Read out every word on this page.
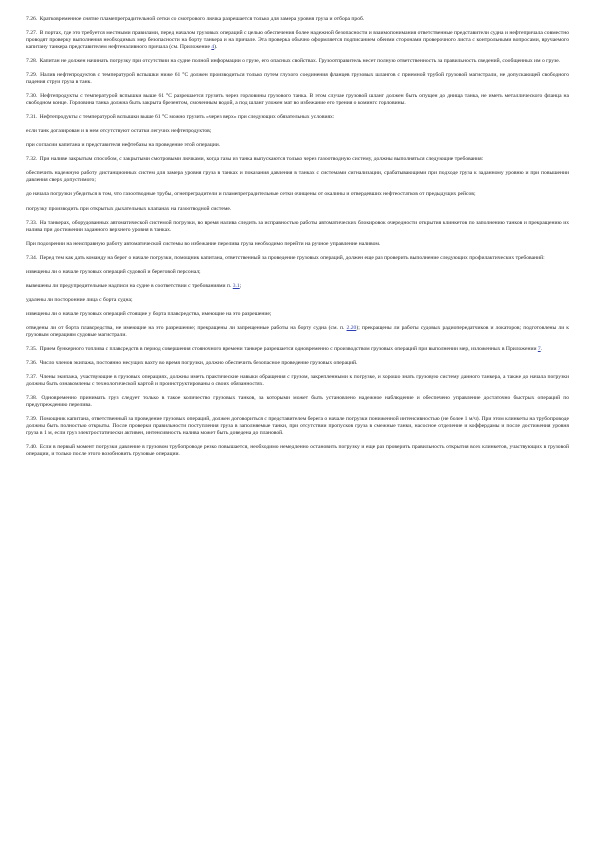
7.26. Кратковременное снятие пламепреградительной сетки со смотрового лючка разрешается только для замера уровня груза и отбора проб.

7.27. В портах, где это требуется местными правилами, перед началом грузовых операций с целью обеспечения более надежной безопасности и взаимопонимания ответственные представители судна и нефтепричала совместно проводят проверку выполнения необходимых мер безопасности на борту танкера и на причале. Эта проверка обычно оформляется подписанием обеими сторонами проверочного листа с контрольными вопросами, вручаемого капитану танкера представителем нефтеналивного причала (см. Приложение 4).

7.28. Капитан не должен начинать погрузку при отсутствии на судне полной информации о грузе, его опасных свойствах. Грузоотправитель несет полную ответственность за правильность сведений, сообщенных им о грузе.

7.29. Налив нефтепродуктов с температурой вспышки ниже 61 °С должен производиться только путем глухого соединения фланцев грузовых шлангов с приемной трубой грузовой магистрали, не допускающей свободного падения струи груза в танк.

7.30. Нефтепродукты с температурой вспышки выше 61 °С разрешается грузить через горловины грузового танка. В этом случае грузовой шланг должен быть опущен до днища танка, не иметь металлического фланца на свободном конце. Горловина танка должна быть закрыта брезентом, смоченным водой, а под шланг уложен мат во избежание его трения о комингс горловины.

7.31. Нефтепродукты с температурой вспышки выше 61 °С можно грузить «через верх» при следующих обязательных условиях:

если танк догазирован и в нем отсутствуют остатки легучих нефтепродуктов;

при согласии капитана и представителя нефтебазы на проведение этой операции.

7.32. При наливе закрытым способом, с закрытыми смотровыми лючками, когда газы из танка выпускаются только через газоотводную систему, должны выполняться следующие требования:

обеспечить надежную работу дистанционных систем для замера уровня груза в танках и показания давления в танках с системами сигнализации, срабатывающими при подходе груза к заданному уровню и при повышении давления сверх допустимого;

до начала погрузки убедиться в том, что газоотводные трубы, огнепреградители и пламепреградительные сетки очищены от окалины и отвердевших нефтеостатков от предыдущих рейсов;

погрузку производить при открытых дыхательных клапанах на газоотводной системе.

7.33. На танкерах, оборудованных автоматической системой погрузки, во время налива следить за исправностью работы автоматических блокировок очередности открытия клинкетов по заполнению танков и прекращению их налива при достижении заданного верхнего уровня в танках.

При подозрении на неисправную работу автоматической системы во избежание перелива груза необходимо перейти на ручное управление наливом.

7.34. Перед тем как дать команду на берег о начале погрузки, помощник капитана, ответственный за проведение грузовых операций, должен еще раз проверить выполнение следующих профилактических требований:

извещены ли о начале грузовых операций судовой и береговой персонал;

вывешены ли предупредительные надписи на судне в соответствии с требованиями п. 3.1;

удалены ли посторонние лица с борта судна;

извещены ли о начале грузовых операций стоящие у борта плавсредства, имеющие на это разрешение;

отведены ли от борта плавсредства, не имеющие на это разрешение; прекращены ли запрещенные работы на борту судна (см. п. 2.20); прекращены ли работы судовых радиопередатчиков и локаторов; подготовлены ли к грузовым операциям судовые магистрали.

7.35. Прием бункерного топлива с плавсредств в период совершения стояночного времени танкере разрешается одновременно с производством грузовых операций при выполнении мер, изложенных в Приложении 7.

7.36. Число членов экипажа, постоянно несущих вахту во время погрузки, должно обеспечить безопасное проведение грузовых операций.

7.37. Члены экипажа, участвующие в грузовых операциях, должны иметь практические навыки обращения с грузом, закрепленными к погрузке, и хорошо знать грузовую систему данного танкера, а также до начала погрузки должны быть ознакомлены с технологической картой и проинструктированы о своих обязанностях.

7.38. Одновременно принимать груз следует только в такое количество грузовых танков, за которыми может быть установлено надежное наблюдение и обеспечено управление достаточно быстрых операций по предупреждению перелива.

7.39. Помощник капитана, ответственный за проведение грузовых операций, должен договориться с представителем берега о начале погрузки пониженной интенсивностью (не более 1 м/ч). При этом клинкеты на трубопроводе должны быть полностью открыты. После проверки правильности поступления груза в заполняемые танки, при отсутствии пропусков груза в смежные танки, насосное отделение и коффердамы и после достижения уровня груза в 1 м, если груз электростатически активен, интенсивность налива может быть доведена до плановой.

7.40. Если в первый момент погрузки давление в грузовом трубопроводе резко повышается, необходимо немедленно остановить погрузку и еще раз проверить правильность открытия всех клинкетов, участвующих в грузовой операции, и только после этого возобновить грузовые операции.
